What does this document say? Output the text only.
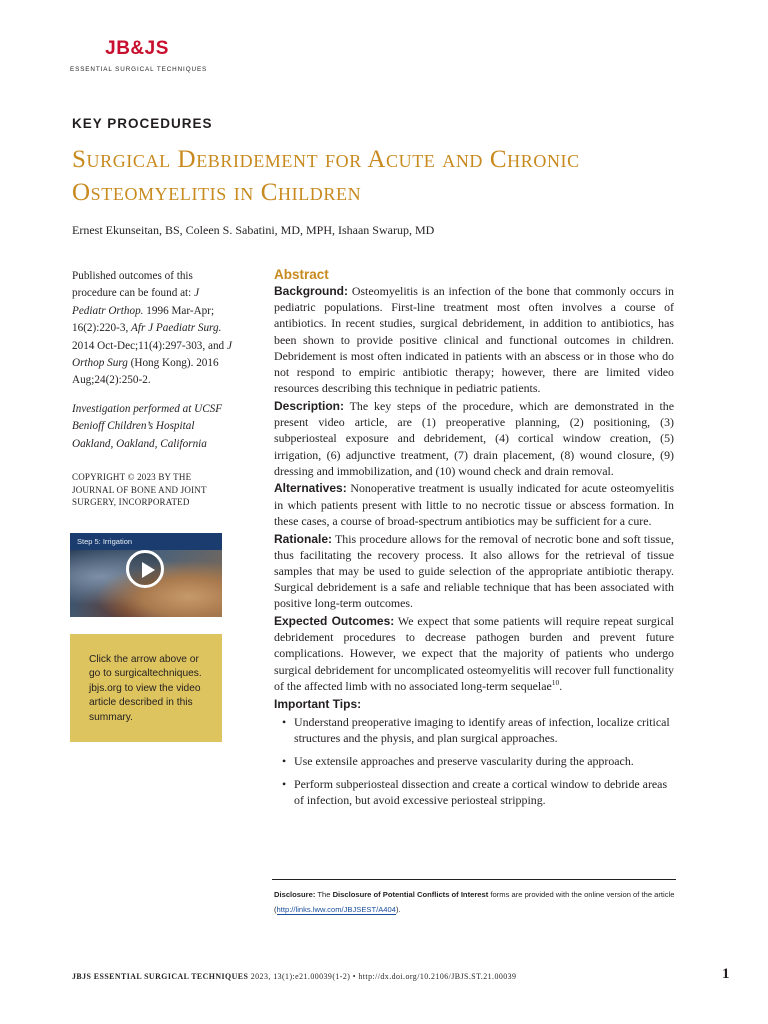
JB&JS
ESSENTIAL SURGICAL TECHNIQUES
KEY PROCEDURES
Surgical Debridement for Acute and Chronic Osteomyelitis in Children
Ernest Ekunseitan, BS, Coleen S. Sabatini, MD, MPH, Ishaan Swarup, MD
Published outcomes of this procedure can be found at: J Pediatr Orthop. 1996 Mar-Apr; 16(2):220-3, Afr J Paediatr Surg. 2014 Oct-Dec;11(4):297-303, and J Orthop Surg (Hong Kong). 2016 Aug;24(2):250-2.
Investigation performed at UCSF Benioff Children’s Hospital Oakland, Oakland, California
COPYRIGHT © 2023 BY THE JOURNAL OF BONE AND JOINT SURGERY, INCORPORATED
Step 5: Irrigation
Click the arrow above or go to surgicaltechniques. jbjs.org to view the video article described in this summary.
Abstract

Background: Osteomyelitis is an infection of the bone that commonly occurs in pediatric populations. First-line treatment most often involves a course of antibiotics. In recent studies, surgical debridement, in addition to antibiotics, has been shown to provide positive clinical and functional outcomes in children. Debridement is most often indicated in patients with an abscess or in those who do not respond to empiric antibiotic therapy; however, there are limited video resources describing this technique in pediatric patients.

Description: The key steps of the procedure, which are demonstrated in the present video article, are (1) preoperative planning, (2) positioning, (3) subperiosteal exposure and debridement, (4) cortical window creation, (5) irrigation, (6) adjunctive treatment, (7) drain placement, (8) wound closure, (9) dressing and immobilization, and (10) wound check and drain removal.

Alternatives: Nonoperative treatment is usually indicated for acute osteomyelitis in which patients present with little to no necrotic tissue or abscess formation. In these cases, a course of broad-spectrum antibiotics may be sufficient for a cure.

Rationale: This procedure allows for the removal of necrotic bone and soft tissue, thus facilitating the recovery process. It also allows for the retrieval of tissue samples that may be used to guide selection of the appropriate antibiotic therapy. Surgical debridement is a safe and reliable technique that has been associated with positive long-term outcomes.

Expected Outcomes: We expect that some patients will require repeat surgical debridement procedures to decrease pathogen burden and prevent future complications. However, we expect that the majority of patients who undergo surgical debridement for uncomplicated osteomyelitis will recover full functionality of the affected limb with no associated long-term sequelae$^{10}$.

Important Tips:
• Understand preoperative imaging to identify areas of infection, localize critical structures and the physis, and plan surgical approaches.
• Use extensile approaches and preserve vascularity during the approach.
• Perform subperiosteal dissection and create a cortical window to debride areas of infection, but avoid excessive periosteal stripping.
Disclosure: The Disclosure of Potential Conflicts of Interest forms are provided with the online version of the article (http://links.lww.com/JBJSEST/A404).
JBJS ESSENTIAL SURGICAL TECHNIQUES 2023, 13(1):e21.00039(1-2) • http://dx.doi.org/10.2106/JBJS.ST.21.00039	1
